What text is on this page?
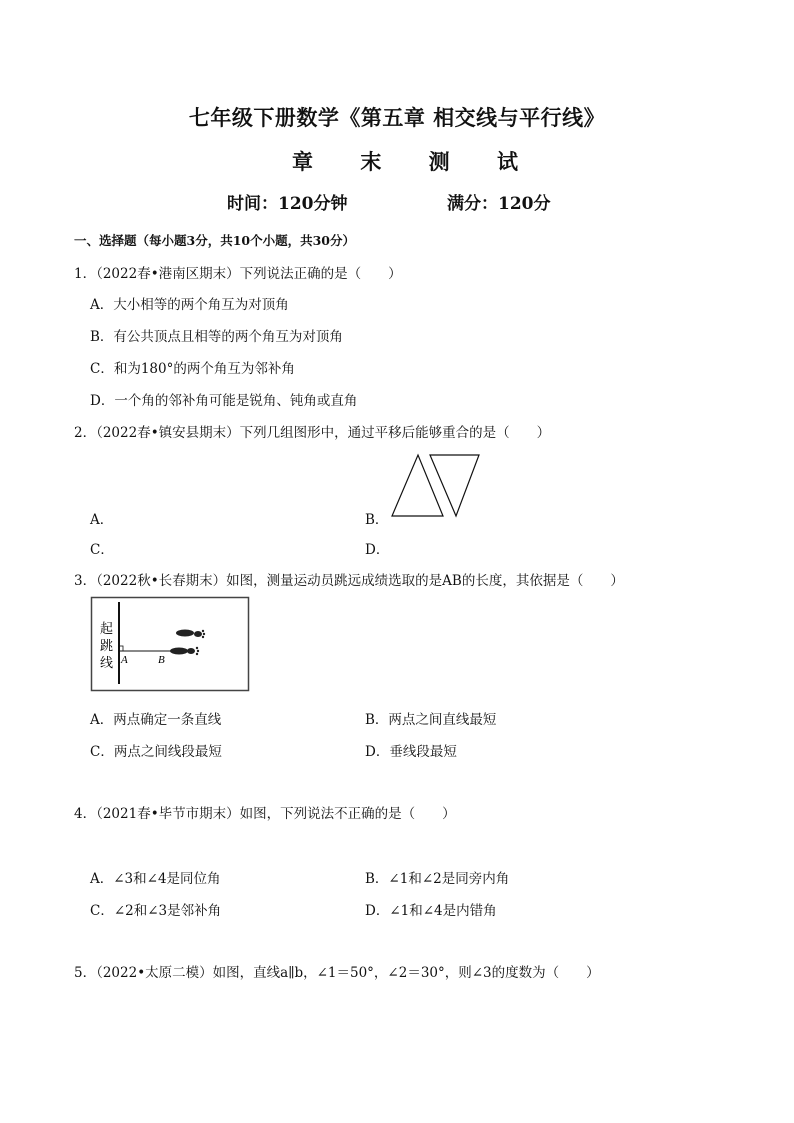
七年级下册数学《第五章 相交线与平行线》
章 末 测 试
时间：120分钟	满分：120分
一、选择题（每小题3分，共10个小题，共30分）
1．（2022春•港南区期末）下列说法正确的是（　　）
A．大小相等的两个角互为对顶角
B．有公共顶点且相等的两个角互为对顶角
C．和为180°的两个角互为邻补角
D．一个角的邻补角可能是锐角、钝角或直角
2．（2022春•镇安县期末）下列几组图形中，通过平移后能够重合的是（　　）
A．	B．
C．	D．
3．（2022秋•长春期末）如图，测量运动员跳远成绩选取的是AB的长度，其依据是（　　）
起
跳
线 A	B
A．两点确定一条直线	B．两点之间直线最短
C．两点之间线段最短	D．垂线段最短
4．（2021春•毕节市期末）如图，下列说法不正确的是（　　）
A．∠3和∠4是同位角	B．∠1和∠2是同旁内角
C．∠2和∠3是邻补角	D．∠1和∠4是内错角
5．（2022•太原二模）如图，直线a∥b，∠1＝50°，∠2＝30°，则∠3的度数为（　　）
